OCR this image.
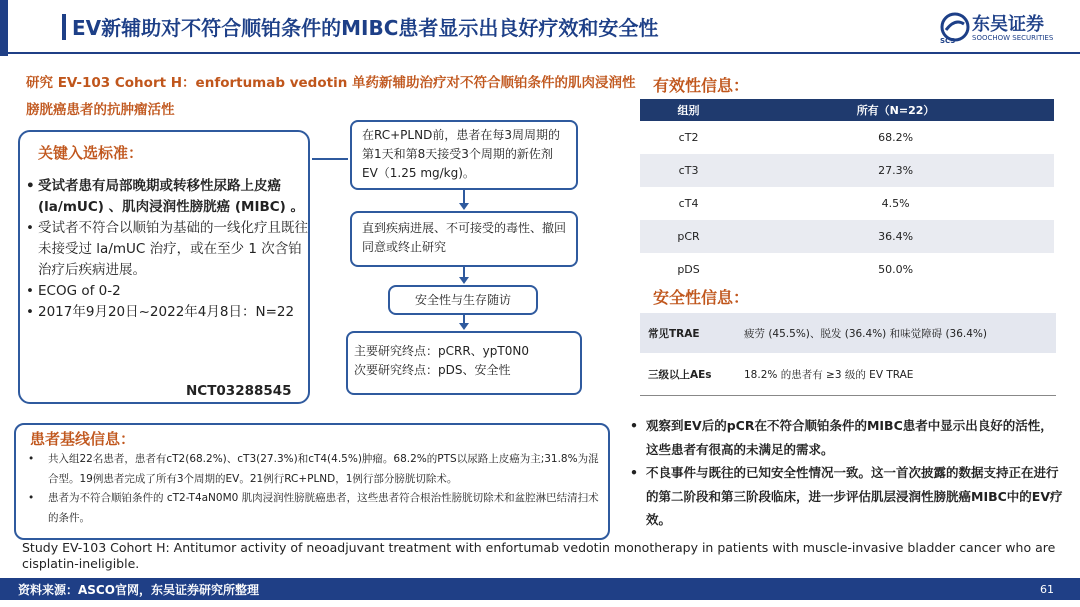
EV新辅助对不符合顺铂条件的MIBC患者显示出良好疗效和安全性	东吴证券
SOOCHOW SECURITIES
SCS
研究 EV-103 Cohort H：enfortumab vedotin 单药新辅助治疗对不符合顺铂条件的肌肉浸润性膀胱癌患者的抗肿瘤活性
关键入选标准：
• 受试者患有局部晚期或转移性尿路上皮癌 (la/mUC) 、肌肉浸润性膀胱癌 (MIBC) 。
• 受试者不符合以顺铂为基础的一线化疗且既往未接受过 la/mUC 治疗，或在至少 1 次含铂治疗后疾病进展。
• ECOG of 0-2
• 2017年9月20日~2022年4月8日：N=22
NCT03288545
在RC+PLND前，患者在每3周周期的第1天和第8天接受3个周期的新佐剂EV（1.25 mg/kg)。
直到疾病进展、不可接受的毒性、撤回同意或终止研究
安全性与生存随访
主要研究终点：pCRR、ypT0N0
次要研究终点：pDS、安全性
有效性信息：
组别	所有（N=22）
cT2	68.2%
cT3	27.3%
cT4	4.5%
pCR	36.4%
pDS	50.0%
安全性信息：
常见TRAE	疲劳 (45.5%)、脱发 (36.4%) 和味觉障碍 (36.4%)
三级以上AEs	18.2% 的患者有 ≥3 级的 EV TRAE
• 观察到EV后的pCR在不符合顺铂条件的MIBC患者中显示出良好的活性，这些患者有很高的未满足的需求。
• 不良事件与既往的已知安全性情况一致。这一首次披露的数据支持正在进行的第二阶段和第三阶段临床，进一步评估肌层浸润性膀胱癌MIBC中的EV疗效。
患者基线信息：
• 共入组22名患者，患者有cT2(68.2%)、cT3(27.3%)和cT4(4.5%)肿瘤。68.2%的PTS以尿路上皮癌为主;31.8%为混合型。19例患者完成了所有3个周期的EV。21例行RC+PLND，1例行部分膀胱切除术。
• 患者为不符合顺铂条件的 cT2-T4aN0M0 肌肉浸润性膀胱癌患者，这些患者符合根治性膀胱切除术和盆腔淋巴结清扫术的条件。
Study EV-103 Cohort H: Antitumor activity of neoadjuvant treatment with enfortumab vedotin monotherapy in patients with muscle-invasive bladder cancer who are cisplatin-ineligible.
资料来源：ASCO官网，东吴证券研究所整理	61
